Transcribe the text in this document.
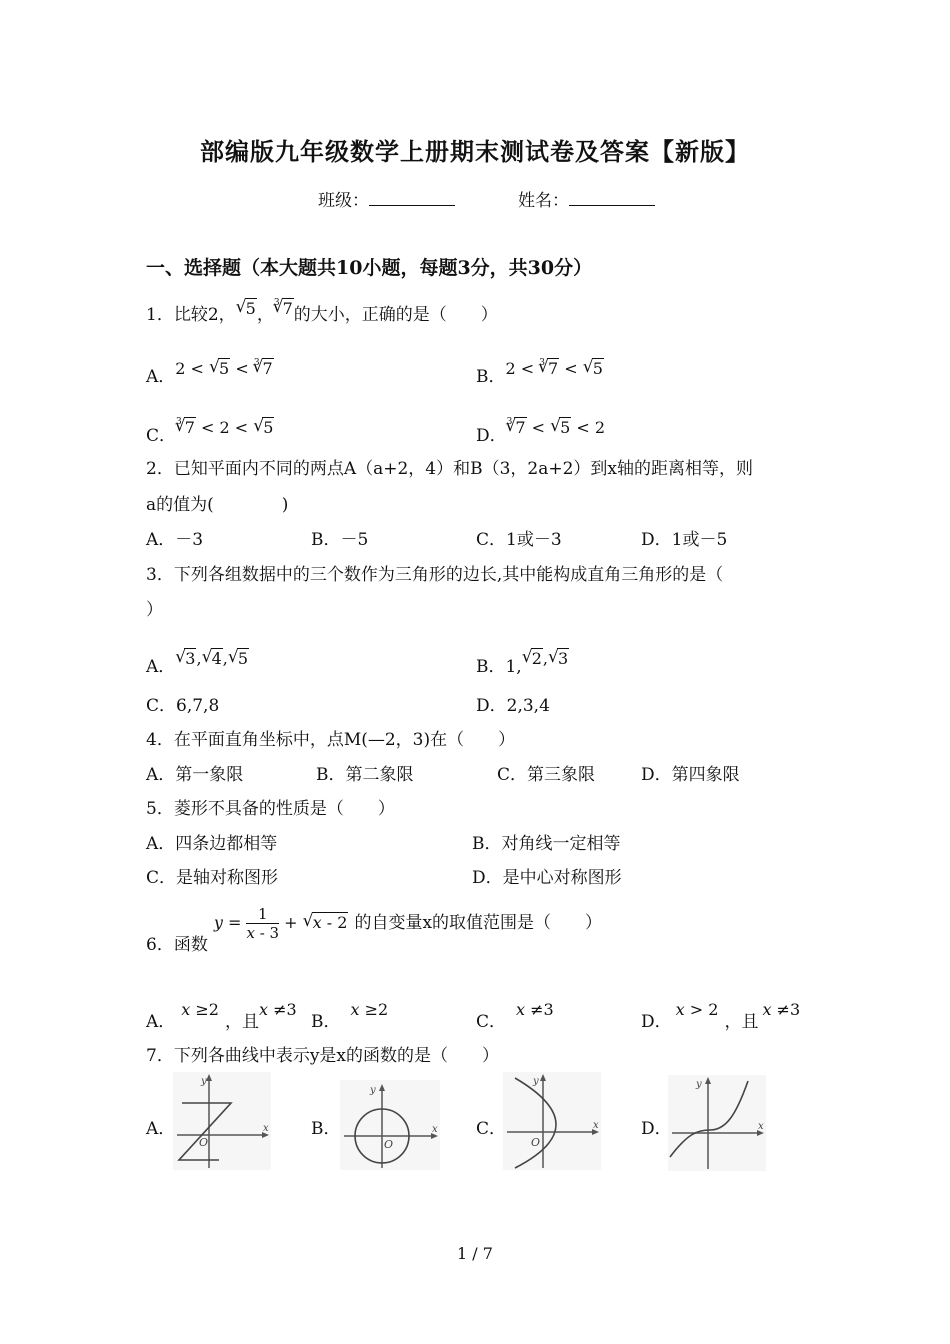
部编版九年级数学上册期末测试卷及答案【新版】
班级：	姓名：
一、选择题（本大题共10小题，每题3分，共30分）
1．比较2， √ 5，$^3$ √ 7的大小，正确的是（　　）
A．2 < √ 5 < $^3$ √ 7	B．2 < $^3$ √ 7 < √ 5
C．$^3$ √ 7 < 2 < √ 5	D．$^3$ √ 7 < √ 5 < 2
2．已知平面内不同的两点A（a+2，4）和B（3，2a+2）到x轴的距离相等，则
a的值为(　　　　)
A．－3	B．－5	C．1或－3	D．1或－5
3．下列各组数据中的三个数作为三角形的边长,其中能构成直角三角形的是（
）
A． √ 3, √ 4, √ 5	B．1, √ 2, √ 3
C．6,7,8	D．2,3,4
4．在平面直角坐标中，点M(—2，3)在（　　）
A．第一象限	B．第二象限	C．第三象限	D．第四象限
5．菱形不具备的性质是（　　）
A．四条边都相等	B．对角线一定相等
C．是轴对称图形	D．是中心对称图形
6．函数$y = \frac{1}{x - 3}$ + √ x - 2 的自变量x的取值范围是（　　）
A．x ≥2，且x ≠3
B．x ≥2
C．x ≠3
D．x > 2，且x ≠3
7．下列各曲线中表示y是x的函数的是（　　）
A．	B．	C．	D．
y
x
O
y
x
O
y
x
O
y
x
1 / 7
